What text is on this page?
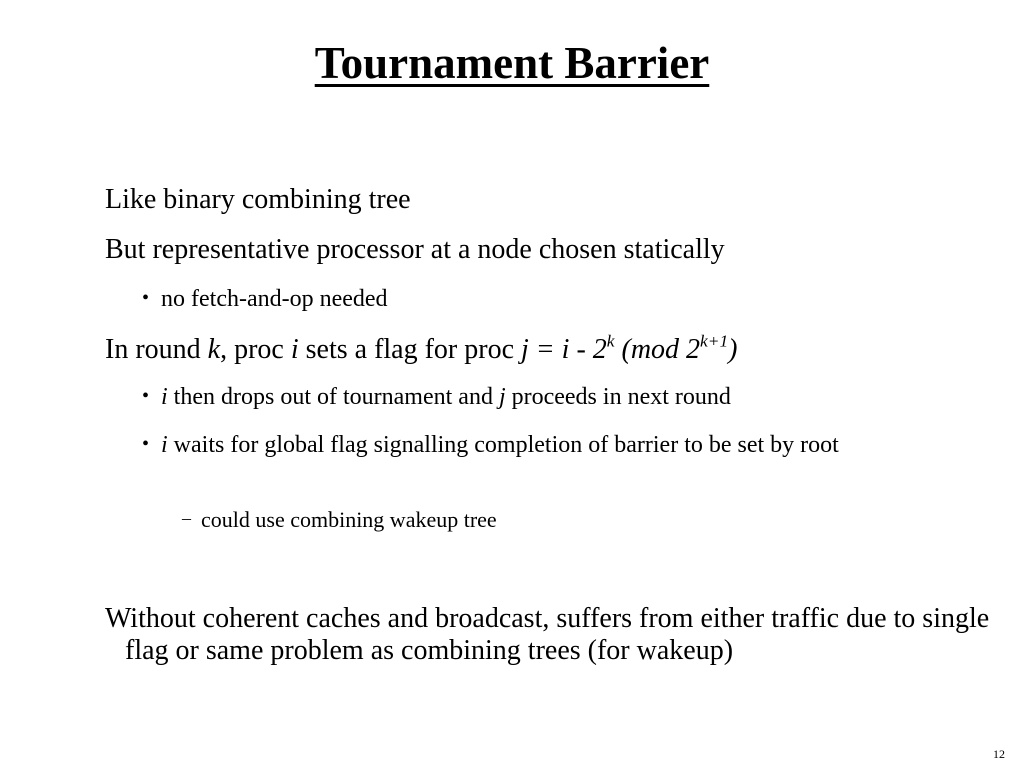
Tournament Barrier
Like binary combining tree
But representative processor at a node chosen statically
• no fetch-and-op needed
In round k, proc i sets a flag for proc j = i - 2$^k$ (mod $2^{k+1}$)
• i then drops out of tournament and j proceeds in next round
• i waits for global flag signalling completion of barrier to be set by root
– could use combining wakeup tree
Without coherent caches and broadcast, suffers from either traffic due to single flag or same problem as combining trees (for wakeup)
12
